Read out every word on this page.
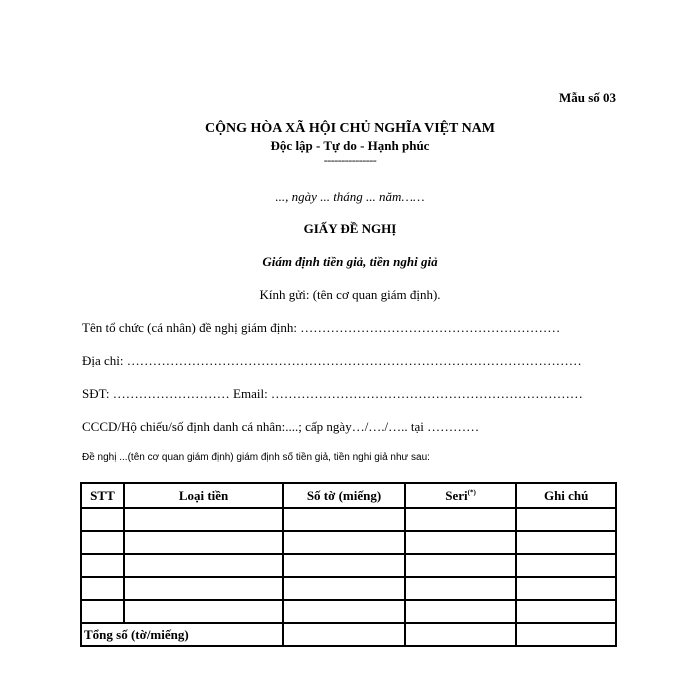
Mẫu số 03
CỘNG HÒA XÃ HỘI CHỦ NGHĨA VIỆT NAM
Độc lập - Tự do - Hạnh phúc
---------------
..., ngày ... tháng ... năm……
GIẤY ĐỀ NGHỊ
Giám định tiền giả, tiền nghi giả
Kính gửi: (tên cơ quan giám định).
Tên tổ chức (cá nhân) đề nghị giám định: ……………………………………………………
Địa chỉ: ……………………………………………………………………………………………
SĐT: ……………………… Email: ………………………………………………………………
CCCD/Hộ chiếu/số định danh cá nhân:....; cấp ngày…/…./….. tại …………
Đề nghị ...(tên cơ quan giám định) giám định số tiền giả, tiền nghi giả như sau:
STT	Loại tiền	Số tờ (miếng)	Seri(*)	Ghi chú

Tổng số (tờ/miếng)				
